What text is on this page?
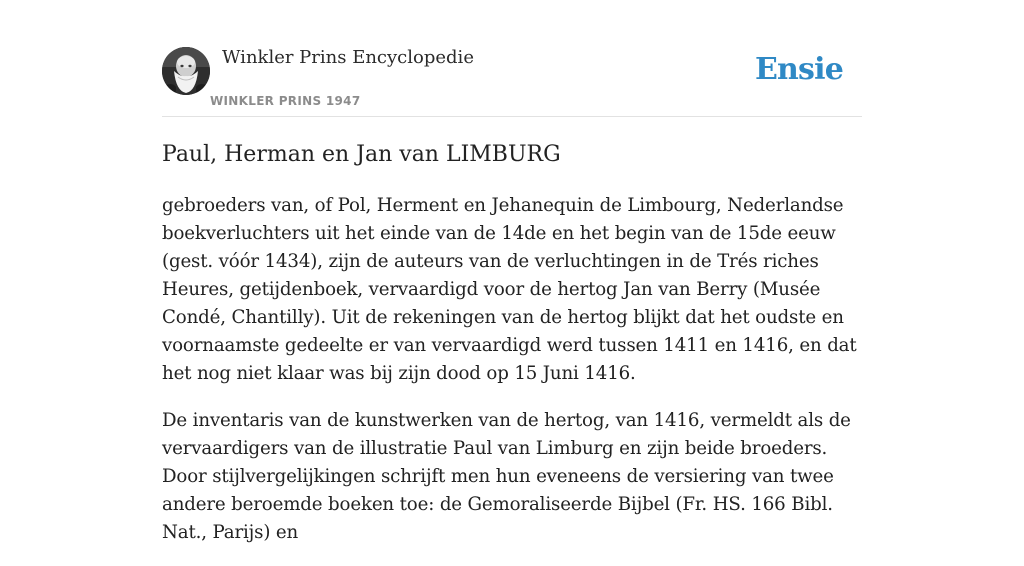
Winkler Prins Encyclopedie
WINKLER PRINS 1947
Ensie
Paul, Herman en Jan van LIMBURG

gebroeders van, of Pol, Herment en Jehanequin de Limbourg, Nederlandse boekverluchters uit het einde van de 14de en het begin van de 15de eeuw (gest. vóór 1434), zijn de auteurs van de verluchtingen in de Trés riches Heures, getijdenboek, vervaardigd voor de hertog Jan van Berry (Musée Condé, Chantilly). Uit de rekeningen van de hertog blijkt dat het oudste en voornaamste gedeelte er van vervaardigd werd tussen 1411 en 1416, en dat het nog niet klaar was bij zijn dood op 15 Juni 1416.

De inventaris van de kunstwerken van de hertog, van 1416, vermeldt als de vervaardigers van de illustratie Paul van Limburg en zijn beide broeders. Door stijlvergelijkingen schrijft men hun eveneens de versiering van twee andere beroemde boeken toe: de Gemoraliseerde Bijbel (Fr. HS. 166 Bibl. Nat., Parijs) en
